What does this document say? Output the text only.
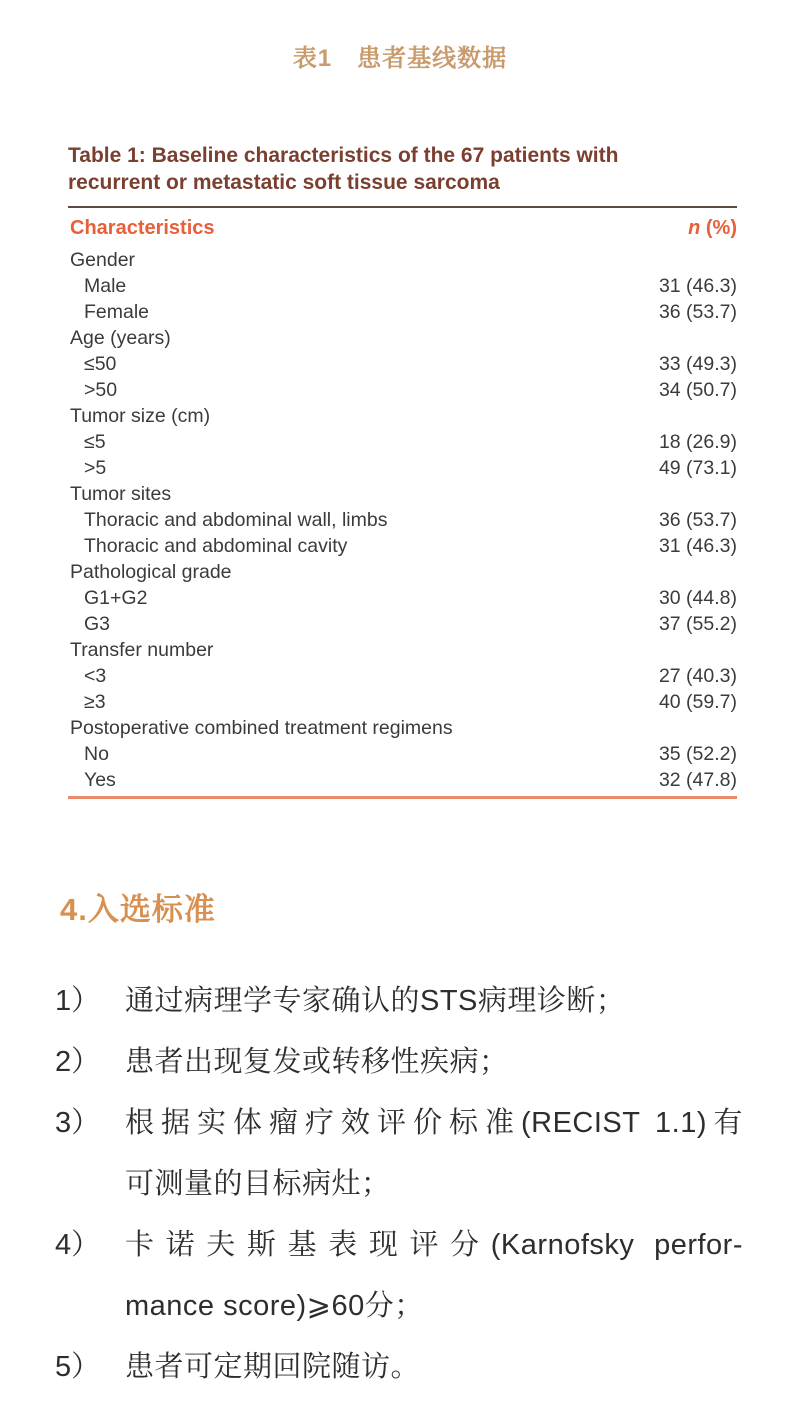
表1　患者基线数据
Table 1: Baseline characteristics of the 67 patients with
recurrent or metastatic soft tissue sarcoma
Characteristics	n (%)
Gender
Male	31 (46.3)
Female	36 (53.7)
Age (years)
≤50	33 (49.3)
>50	34 (50.7)
Tumor size (cm)
≤5	18 (26.9)
>5	49 (73.1)
Tumor sites
Thoracic and abdominal wall, limbs	36 (53.7)
Thoracic and abdominal cavity	31 (46.3)
Pathological grade
G1+G2	30 (44.8)
G3	37 (55.2)
Transfer number
<3	27 (40.3)
≥3	40 (59.7)
Postoperative combined treatment regimens
No	35 (52.2)
Yes	32 (47.8)
4.入选标准
1） 通过病理学专家确认的STS病理诊断；
2） 患者出现复发或转移性疾病；
3） 根据实体瘤疗效评价标准(RECIST 1.1)有
可测量的目标病灶；
4） 卡诺夫斯基表现评分(Karnofsky perfor-
mance score)⩾60分；
5） 患者可定期回院随访。
